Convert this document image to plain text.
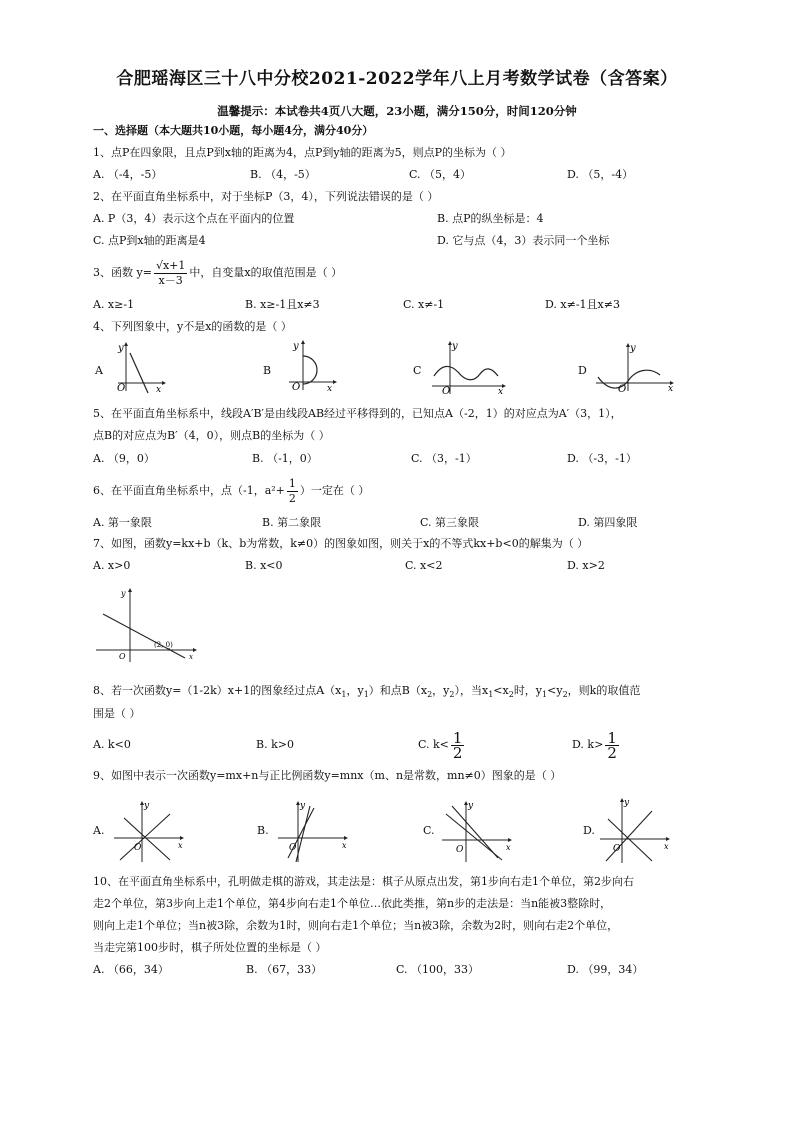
合肥瑶海区三十八中分校2021-2022学年八上月考数学试卷（含答案）
温馨提示：本试卷共4页八大题，23小题，满分150分，时间120分钟
一、选择题（本大题共10小题，每小题4分，满分40分）
1、点P在四象限，且点P到x轴的距离为4，点P到y轴的距离为5，则点P的坐标为（ ）
A. （-4，-5）	B. （4，-5）	C. （5，4）	D. （5，-4）
2、在平面直角坐标系中，对于坐标P（3，4），下列说法错误的是（ ）
A. P（3，4）表示这个点在平面内的位置	B. 点P的纵坐标是：4
C. 点P到x轴的距离是4	D. 它与点（4，3）表示同一个坐标
3、函数 $y= \frac{√x+1}{x-3}$ 中，自变量x的取值范围是（ ）
A. x≥-1	B. x≥-1且x≠3	C. x≠-1	D. x≠-1且x≠3
4、下列图象中，y不是x的函数的是（ ）
A	B	C	D
y
x
O
y
x
O
y
x
O
y
x
O
5、在平面直角坐标系中，线段A′B′是由线段AB经过平移得到的，已知点A（-2，1）的对应点为A′（3，1），
点B的对应点为B′（4，0），则点B的坐标为（ ）
A. （9，0）	B. （-1，0）	C. （3，-1）	D. （-3，-1）
6、在平面直角坐标系中，点（-1，$a^2+ \frac{1}{2}$ ）一定在（ ）
A. 第一象限	B. 第二象限	C. 第三象限	D. 第四象限
7、如图，函数y=kx+b（k、b为常数，k≠0）的图象如图，则关于x的不等式kx+b<0的解集为（ ）
A. x>0	B. x<0	C. x<2	D. x>2
y
x
O
(2, 0)
8、若一次函数y=（1-2k）x+1的图象经过点$A(x_1$，$y_1$）和点$B(x_2$，$y_2$），当$x_1<x_2$时，$y_1<y_2$，则k的取值范
围是（ ）
A. k<0	B. k>0	C. $k< \frac{1}{2}$	D. $k> \frac{1}{2}$
9、如图中表示一次函数y=mx+n与正比例函数y=mnx（m、n是常数，mn≠0）图象的是（ ）
A.	B.	C.	D.
y
x
O
y
x
O
y
x
O
y
x
O
10、在平面直角坐标系中，孔明做走棋的游戏，其走法是：棋子从原点出发，第1步向右走1个单位，第2步向右
走2个单位，第3步向上走1个单位，第4步向右走1个单位…依此类推，第n步的走法是：当n能被3整除时，
则向上走1个单位；当n被3除，余数为1时，则向右走1个单位；当n被3除，余数为2时，则向右走2个单位，
当走完第100步时，棋子所处位置的坐标是（ ）
A. （66，34）	B. （67，33）	C. （100，33）	D. （99，34）
